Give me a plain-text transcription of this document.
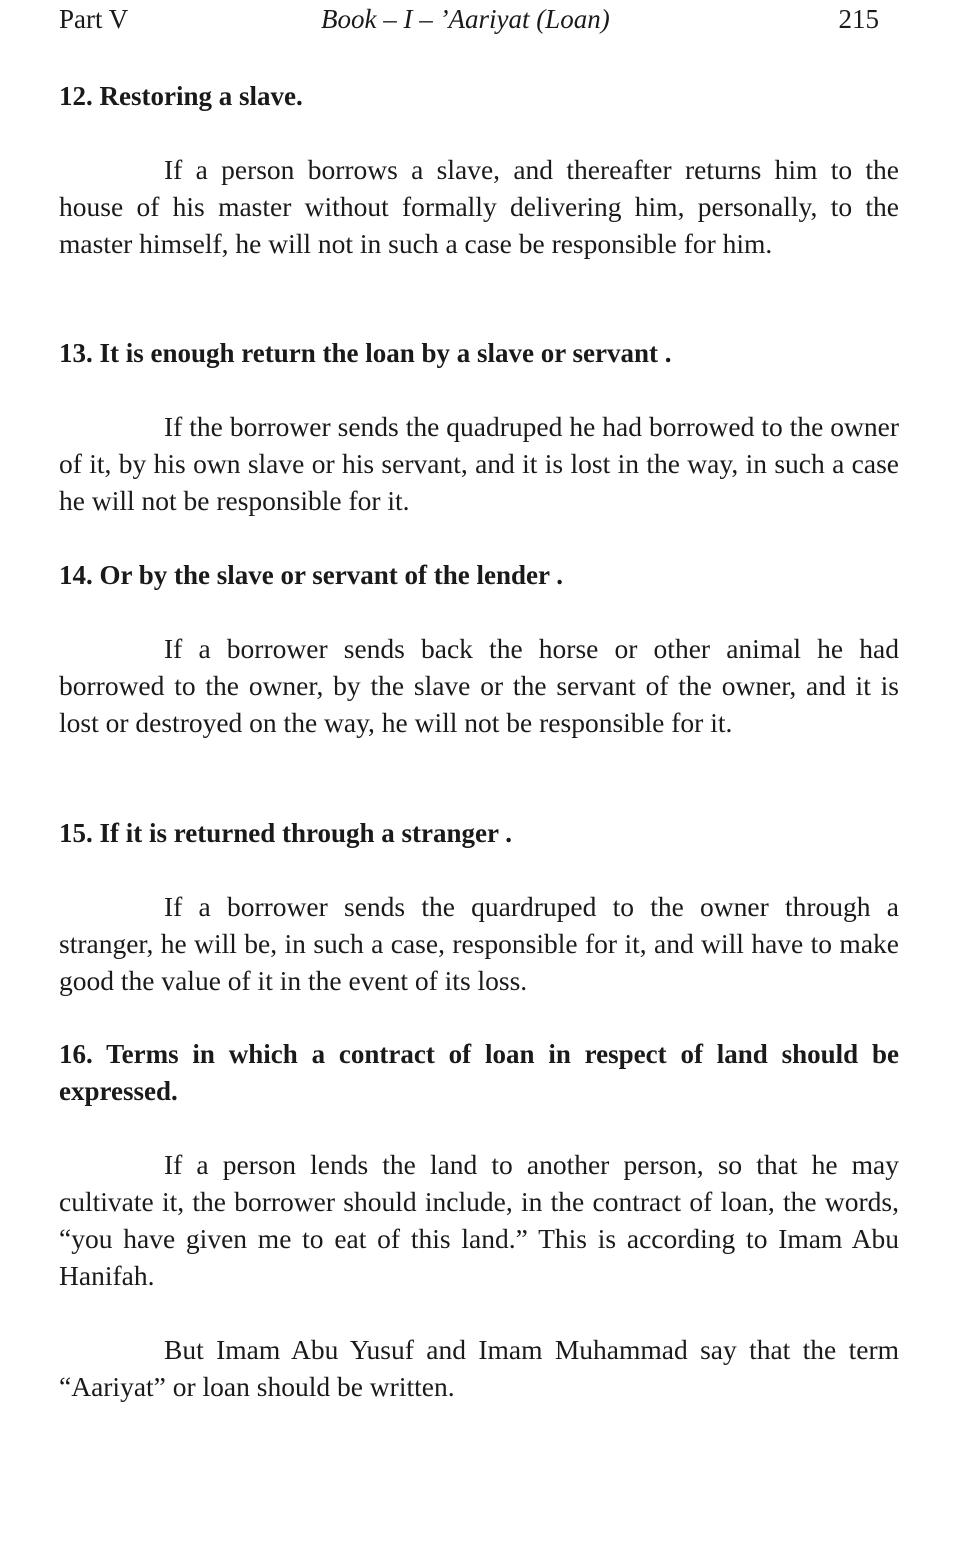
Part V	Book – I – ’Aariyat (Loan)	215

12. Restoring a slave.

If a person borrows a slave, and thereafter returns him to the house of his master without formally delivering him, personally, to the master himself, he will not in such a case be responsible for him.

13. It is enough return the loan by a slave or servant .

If the borrower sends the quadruped he had borrowed to the owner of it, by his own slave or his servant, and it is lost in the way, in such a case he will not be responsible for it.

14. Or by the slave or servant of the lender .

If a borrower sends back the horse or other animal he had borrowed to the owner, by the slave or the servant of the owner, and it is lost or destroyed on the way, he will not be responsible for it.

15. If it is returned through a stranger .

If a borrower sends the quardruped to the owner through a stranger, he will be, in such a case, responsible for it, and will have to make good the value of it in the event of its loss.

16. Terms in which a contract of loan in respect of land should be expressed.

If a person lends the land to another person, so that he may cultivate it, the borrower should include, in the contract of loan, the words, “you have given me to eat of this land.” This is according to Imam Abu Hanifah.

But Imam Abu Yusuf and Imam Muhammad say that the term “Aariyat” or loan should be written.
